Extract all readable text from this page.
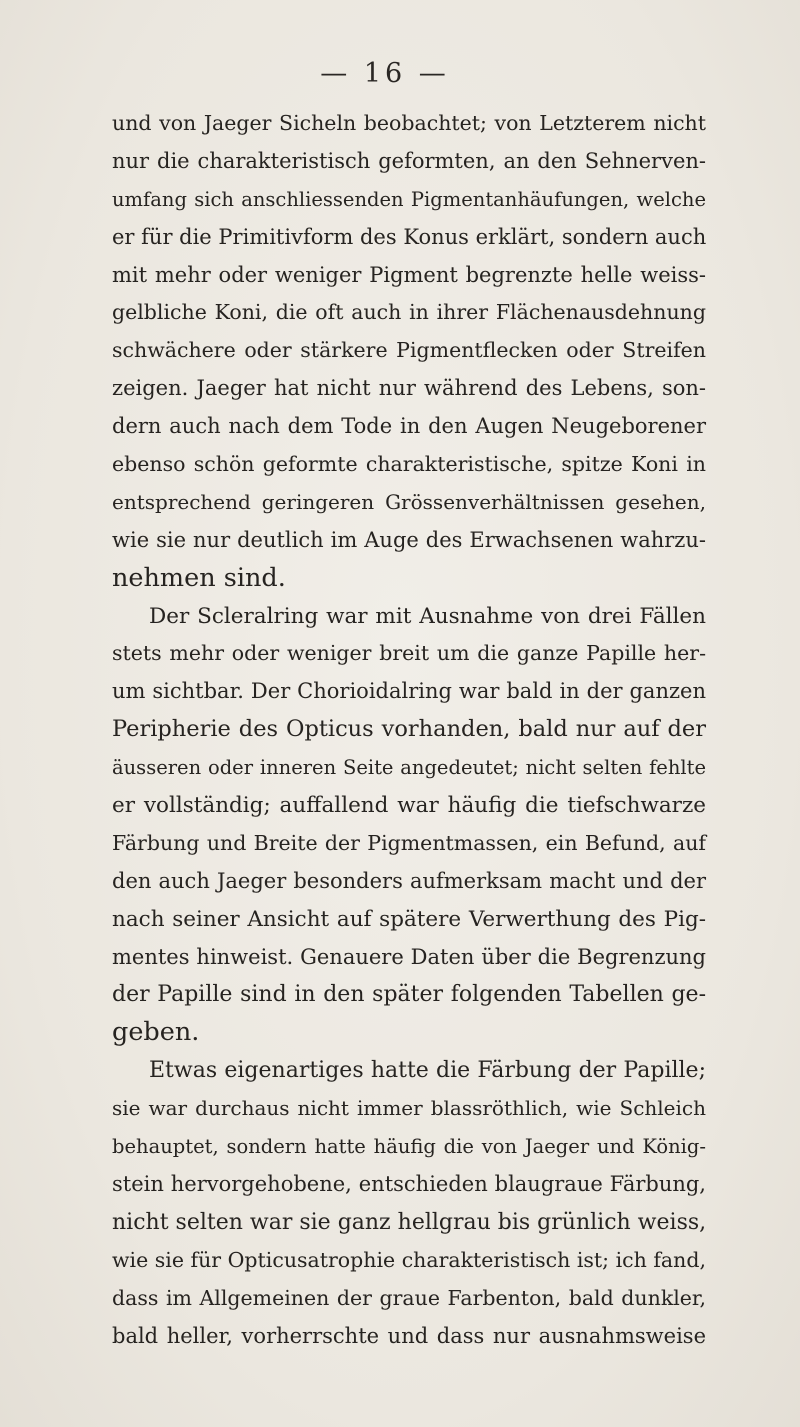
— 16 —
und von Jaeger Sicheln beobachtet; von Letzterem nicht
nur die charakteristisch geformten, an den Sehnerven-
umfang sich anschliessenden Pigmentanhäufungen, welche
er für die Primitivform des Konus erklärt, sondern auch
mit mehr oder weniger Pigment begrenzte helle weiss-
gelbliche Koni, die oft auch in ihrer Flächenausdehnung
schwächere oder stärkere Pigmentflecken oder Streifen
zeigen. Jaeger hat nicht nur während des Lebens, son-
dern auch nach dem Tode in den Augen Neugeborener
ebenso schön geformte charakteristische, spitze Koni in
entsprechend geringeren Grössenverhältnissen gesehen,
wie sie nur deutlich im Auge des Erwachsenen wahrzu-
nehmen sind.
Der Scleralring war mit Ausnahme von drei Fällen
stets mehr oder weniger breit um die ganze Papille her-
um sichtbar. Der Chorioidalring war bald in der ganzen
Peripherie des Opticus vorhanden, bald nur auf der
äusseren oder inneren Seite angedeutet; nicht selten fehlte
er vollständig; auffallend war häufig die tiefschwarze
Färbung und Breite der Pigmentmassen, ein Befund, auf
den auch Jaeger besonders aufmerksam macht und der
nach seiner Ansicht auf spätere Verwerthung des Pig-
mentes hinweist. Genauere Daten über die Begrenzung
der Papille sind in den später folgenden Tabellen ge-
geben.
Etwas eigenartiges hatte die Färbung der Papille;
sie war durchaus nicht immer blassröthlich, wie Schleich
behauptet, sondern hatte häufig die von Jaeger und König-
stein hervorgehobene, entschieden blaugraue Färbung,
nicht selten war sie ganz hellgrau bis grünlich weiss,
wie sie für Opticusatrophie charakteristisch ist; ich fand,
dass im Allgemeinen der graue Farbenton, bald dunkler,
bald heller, vorherrschte und dass nur ausnahmsweise
